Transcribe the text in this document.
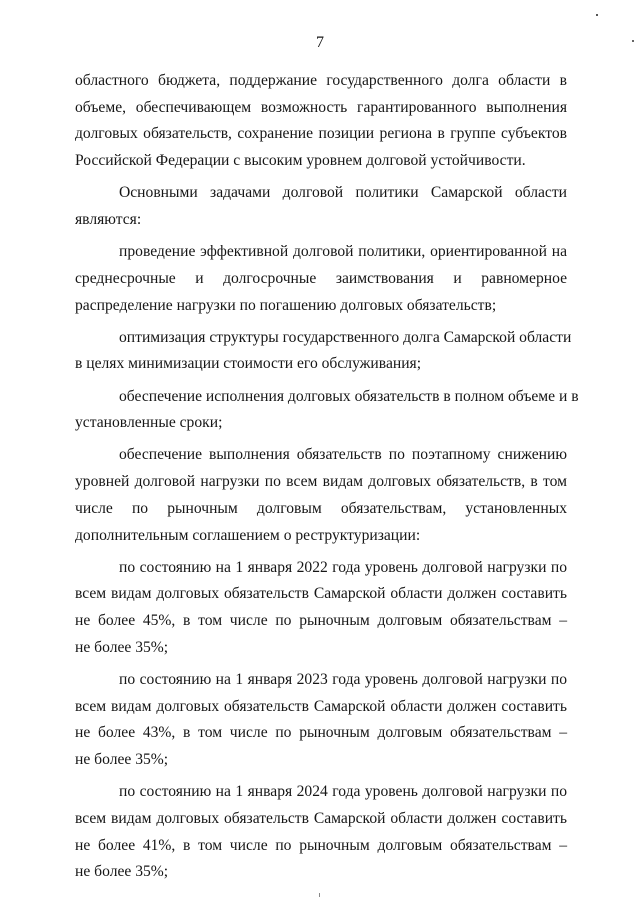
7
областного бюджета, поддержание государственного долга области в
объеме, обеспечивающем возможность гарантированного выполнения
долговых обязательств, сохранение позиции региона в группе субъектов
Российской Федерации с высоким уровнем долговой устойчивости.
Основными задачами долговой политики Самарской области
являются:
проведение эффективной долговой политики, ориентированной на
среднесрочные и долгосрочные заимствования и равномерное
распределение нагрузки по погашению долговых обязательств;
оптимизация структуры государственного долга Самарской области
в целях минимизации стоимости его обслуживания;
обеспечение исполнения долговых обязательств в полном объеме и в
установленные сроки;
обеспечение выполнения обязательств по поэтапному снижению
уровней долговой нагрузки по всем видам долговых обязательств, в том
числе по рыночным долговым обязательствам, установленных
дополнительным соглашением о реструктуризации:
по состоянию на 1 января 2022 года уровень долговой нагрузки по
всем видам долговых обязательств Самарской области должен составить
не более 45%, в том числе по рыночным долговым обязательствам –
не более 35%;
по состоянию на 1 января 2023 года уровень долговой нагрузки по
всем видам долговых обязательств Самарской области должен составить
не более 43%, в том числе по рыночным долговым обязательствам –
не более 35%;
по состоянию на 1 января 2024 года уровень долговой нагрузки по
всем видам долговых обязательств Самарской области должен составить
не более 41%, в том числе по рыночным долговым обязательствам –
не более 35%;
